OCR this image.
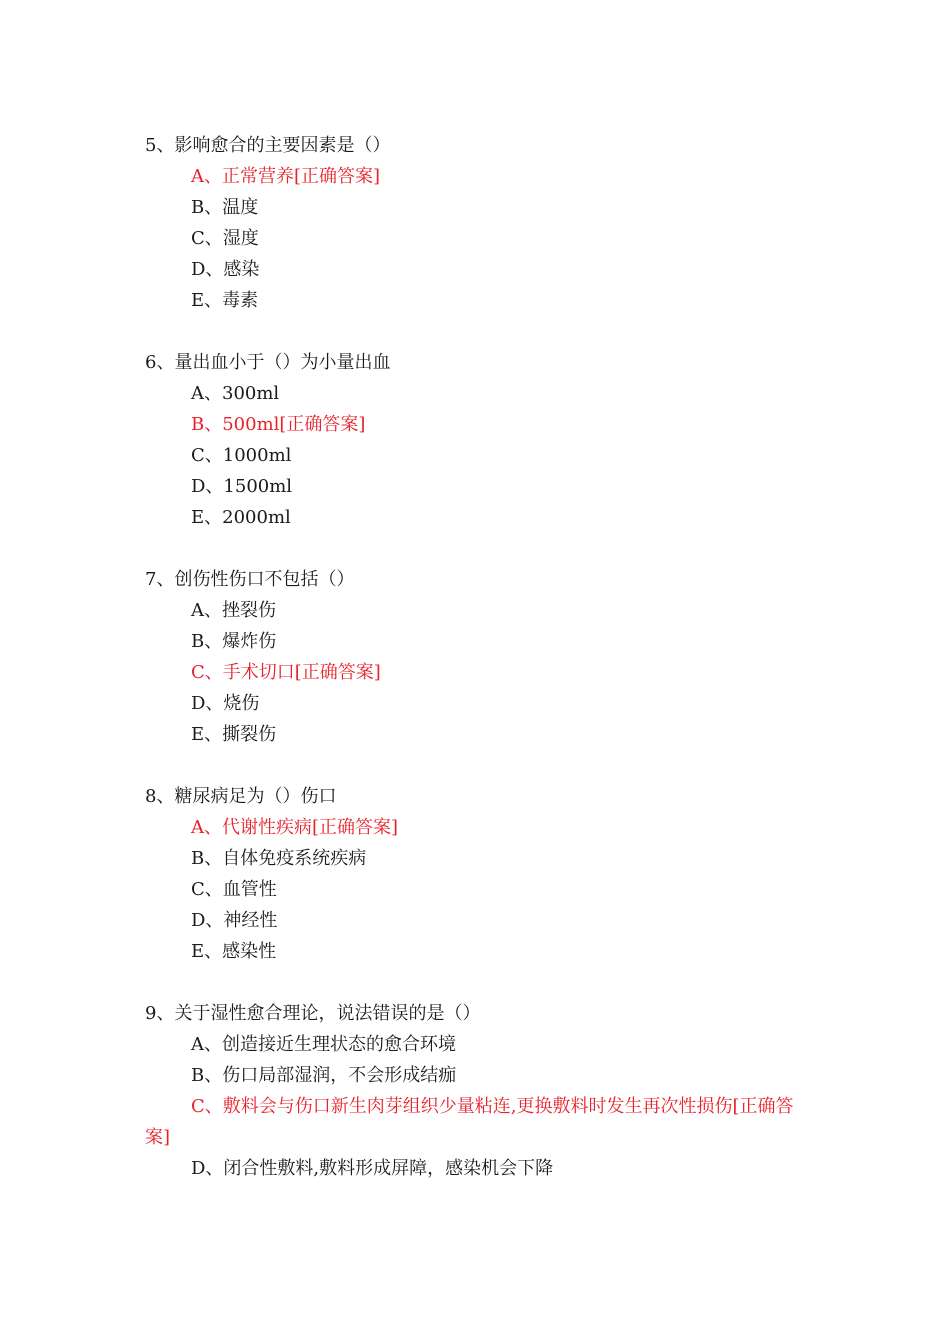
5、影响愈合的主要因素是（）
A、正常营养[正确答案]
B、温度
C、湿度
D、感染
E、毒素
6、量出血小于（）为小量出血
A、300ml
B、500ml[正确答案]
C、1000ml
D、1500ml
E、2000ml
7、创伤性伤口不包括（）
A、挫裂伤
B、爆炸伤
C、手术切口[正确答案]
D、烧伤
E、撕裂伤
8、糖尿病足为（）伤口
A、代谢性疾病[正确答案]
B、自体免疫系统疾病
C、血管性
D、神经性
E、感染性
9、关于湿性愈合理论，说法错误的是（）
A、创造接近生理状态的愈合环境
B、伤口局部湿润，不会形成结痂
C、敷料会与伤口新生肉芽组织少量粘连,更换敷料时发生再次性损伤[正确答案]
D、闭合性敷料,敷料形成屏障，感染机会下降
